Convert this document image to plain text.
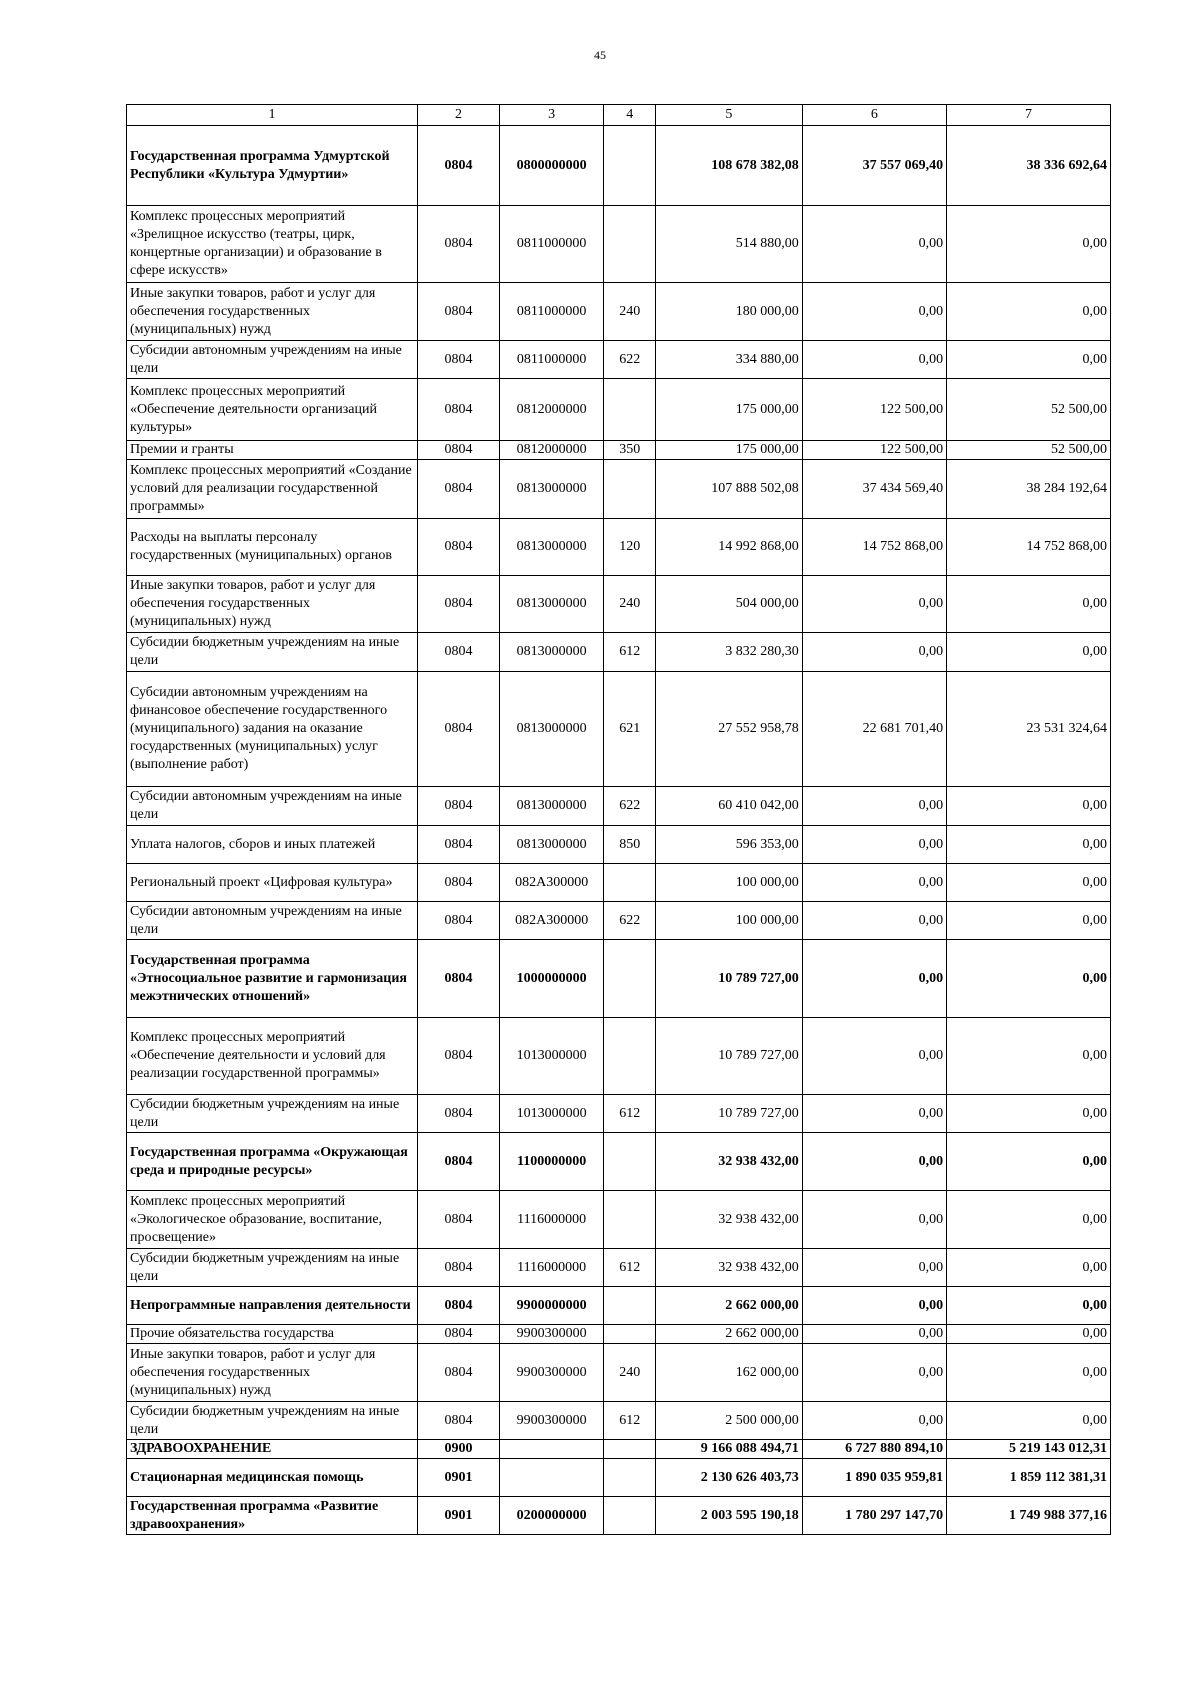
45
1	2	3	4	5	6	7
Государственная программа Удмуртской Республики «Культура Удмуртии»	0804	0800000000		108 678 382,08	37 557 069,40	38 336 692,64
Комплекс процессных мероприятий «Зрелищное искусство (театры, цирк, концертные организации) и образование в сфере искусств»	0804	0811000000		514 880,00	0,00	0,00
Иные закупки товаров, работ и услуг для обеспечения государственных (муниципальных) нужд	0804	0811000000	240	180 000,00	0,00	0,00
Субсидии автономным учреждениям на иные цели	0804	0811000000	622	334 880,00	0,00	0,00
Комплекс процессных мероприятий «Обеспечение деятельности организаций культуры»	0804	0812000000		175 000,00	122 500,00	52 500,00
Премии и гранты	0804	0812000000	350	175 000,00	122 500,00	52 500,00
Комплекс процессных мероприятий «Создание условий для реализации государственной программы»	0804	0813000000		107 888 502,08	37 434 569,40	38 284 192,64
Расходы на выплаты персоналу государственных (муниципальных) органов	0804	0813000000	120	14 992 868,00	14 752 868,00	14 752 868,00
Иные закупки товаров, работ и услуг для обеспечения государственных (муниципальных) нужд	0804	0813000000	240	504 000,00	0,00	0,00
Субсидии бюджетным учреждениям на иные цели	0804	0813000000	612	3 832 280,30	0,00	0,00
Субсидии автономным учреждениям на финансовое обеспечение государственного (муниципального) задания на оказание государственных (муниципальных) услуг (выполнение работ)	0804	0813000000	621	27 552 958,78	22 681 701,40	23 531 324,64
Субсидии автономным учреждениям на иные цели	0804	0813000000	622	60 410 042,00	0,00	0,00
Уплата налогов, сборов и иных платежей	0804	0813000000	850	596 353,00	0,00	0,00
Региональный проект «Цифровая культура»	0804	082A300000		100 000,00	0,00	0,00
Субсидии автономным учреждениям на иные цели	0804	082A300000	622	100 000,00	0,00	0,00
Государственная программа «Этносоциальное развитие и гармонизация межэтнических отношений»	0804	1000000000		10 789 727,00	0,00	0,00
Комплекс процессных мероприятий «Обеспечение деятельности и условий для реализации государственной программы»	0804	1013000000		10 789 727,00	0,00	0,00
Субсидии бюджетным учреждениям на иные цели	0804	1013000000	612	10 789 727,00	0,00	0,00
Государственная программа «Окружающая среда и природные ресурсы»	0804	1100000000		32 938 432,00	0,00	0,00
Комплекс процессных мероприятий «Экологическое образование, воспитание, просвещение»	0804	1116000000		32 938 432,00	0,00	0,00
Субсидии бюджетным учреждениям на иные цели	0804	1116000000	612	32 938 432,00	0,00	0,00
Непрограммные направления деятельности	0804	9900000000		2 662 000,00	0,00	0,00
Прочие обязательства государства	0804	9900300000		2 662 000,00	0,00	0,00
Иные закупки товаров, работ и услуг для обеспечения государственных (муниципальных) нужд	0804	9900300000	240	162 000,00	0,00	0,00
Субсидии бюджетным учреждениям на иные цели	0804	9900300000	612	2 500 000,00	0,00	0,00
ЗДРАВООХРАНЕНИЕ	0900			9 166 088 494,71	6 727 880 894,10	5 219 143 012,31
Стационарная медицинская помощь	0901			2 130 626 403,73	1 890 035 959,81	1 859 112 381,31
Государственная программа «Развитие здравоохранения»	0901	0200000000		2 003 595 190,18	1 780 297 147,70	1 749 988 377,16
